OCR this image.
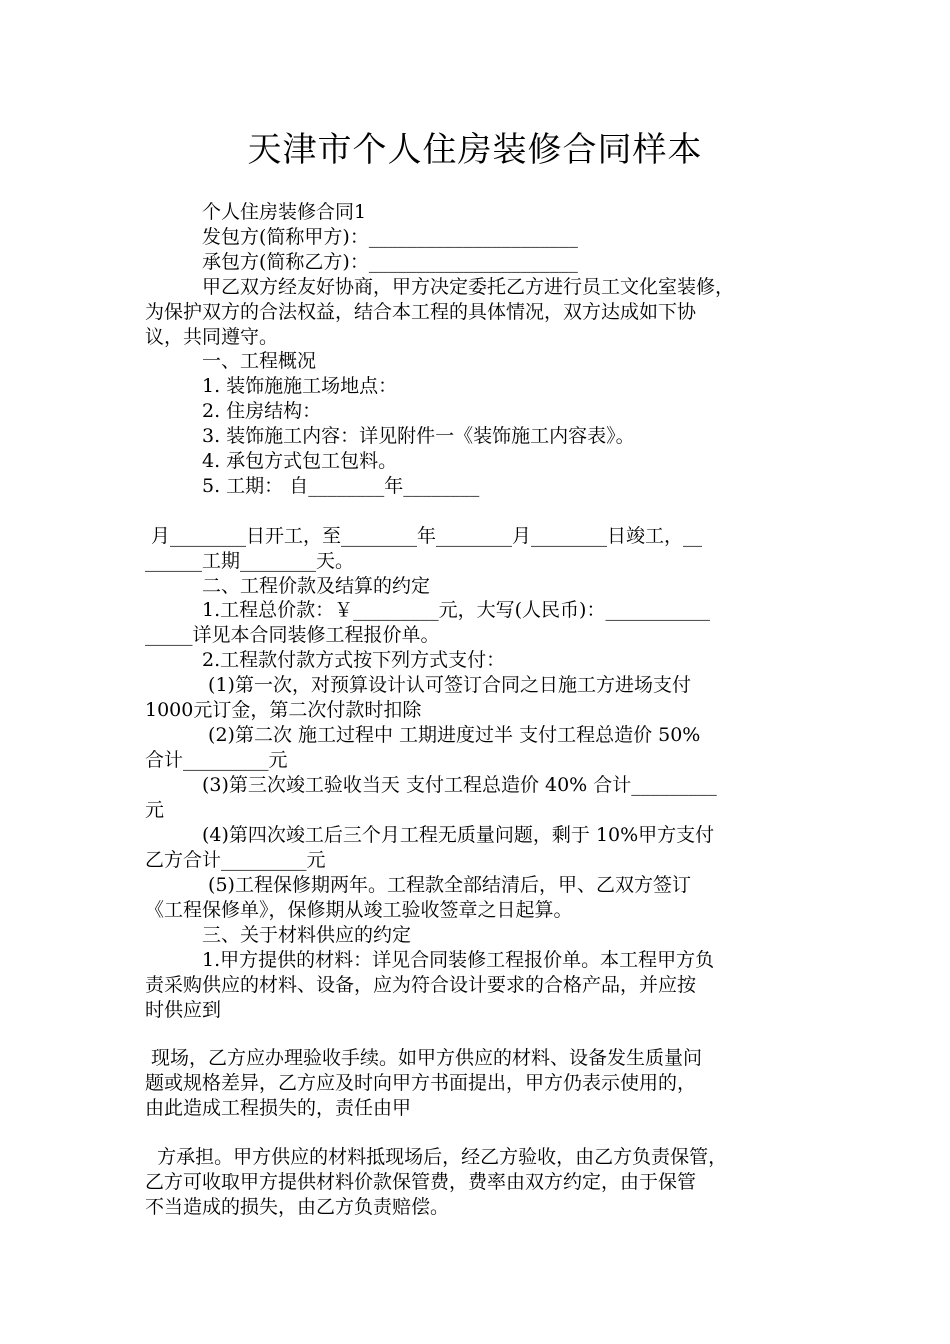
天津市个人住房装修合同样本
　　　个人住房装修合同1
　　　发包方(简称甲方)：______________________
　　　承包方(简称乙方)：______________________
　　　甲乙双方经友好协商，甲方决定委托乙方进行员工文化室装修，
为保护双方的合法权益，结合本工程的具体情况，双方达成如下协
议，共同遵守。
　　　一、工程概况
　　　1. 装饰施施工场地点：
　　　2. 住房结构：
　　　3. 装饰施工内容：详见附件一《装饰施工内容表》。
　　　4. 承包方式包工包料。
　　　5. 工期： 自________年________
月________日开工，至________年________月________日竣工，__
______工期________天。
　　　二、工程价款及结算的约定
　　　1.工程总价款：￥_________元，大写(人民币)：___________
_____详见本合同装修工程报价单。
　　　2.工程款付款方式按下列方式支付：
　　　 (1)第一次，对预算设计认可签订合同之日施工方进场支付
1000元订金，第二次付款时扣除
　　　 (2)第二次 施工过程中 工期进度过半 支付工程总造价 50%
合计_________元
　　　(3)第三次竣工验收当天 支付工程总造价 40% 合计_________
元
　　　(4)第四次竣工后三个月工程无质量问题，剩于 10%甲方支付
乙方合计_________元
　　　 (5)工程保修期两年。工程款全部结清后，甲、乙双方签订
《工程保修单》，保修期从竣工验收签章之日起算。
　　　三、关于材料供应的约定
　　　1.甲方提供的材料：详见合同装修工程报价单。本工程甲方负
责采购供应的材料、设备，应为符合设计要求的合格产品，并应按
时供应到
现场，乙方应办理验收手续。如甲方供应的材料、设备发生质量问
题或规格差异，乙方应及时向甲方书面提出，甲方仍表示使用的，
由此造成工程损失的，责任由甲
方承担。甲方供应的材料抵现场后，经乙方验收，由乙方负责保管，
乙方可收取甲方提供材料价款保管费，费率由双方约定，由于保管
不当造成的损失，由乙方负责赔偿。
